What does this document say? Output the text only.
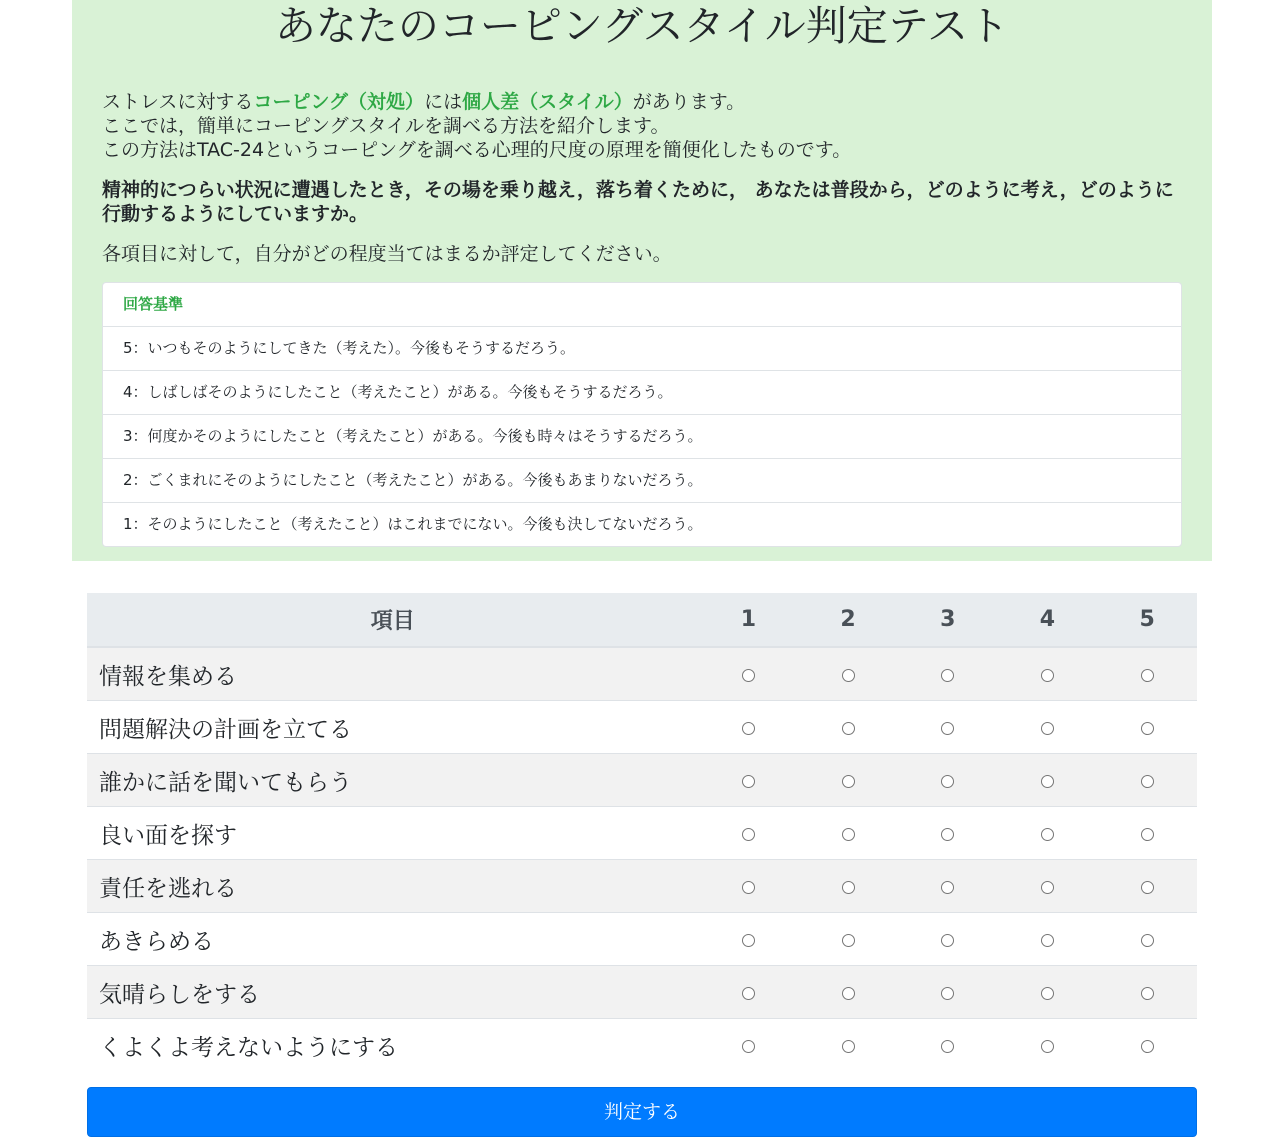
あなたのコーピングスタイル判定テスト

ストレスに対するコーピング（対処）には個人差（スタイル）があります。
ここでは，簡単にコーピングスタイルを調べる方法を紹介します。
この方法はTAC-24というコーピングを調べる心理的尺度の原理を簡便化したものです。

精神的につらい状況に遭遇したとき，その場を乗り越え，落ち着くために， あなたは普段から，どのように考え，どのように行動するようにしていますか。

各項目に対して，自分がどの程度当てはまるか評定してください。

回答基準
5：いつもそのようにしてきた（考えた）。今後もそうするだろう。
4：しばしばそのようにしたこと（考えたこと）がある。今後もそうするだろう。
3：何度かそのようにしたこと（考えたこと）がある。今後も時々はそうするだろう。
2：ごくまれにそのようにしたこと（考えたこと）がある。今後もあまりないだろう。
1：そのようにしたこと（考えたこと）はこれまでにない。今後も決してないだろう。
項目	1	2	3	4	5
情報を集める					
問題解決の計画を立てる					
誰かに話を聞いてもらう					
良い面を探す					
責任を逃れる					
あきらめる					
気晴らしをする					
くよくよ考えないようにする					
判定する
